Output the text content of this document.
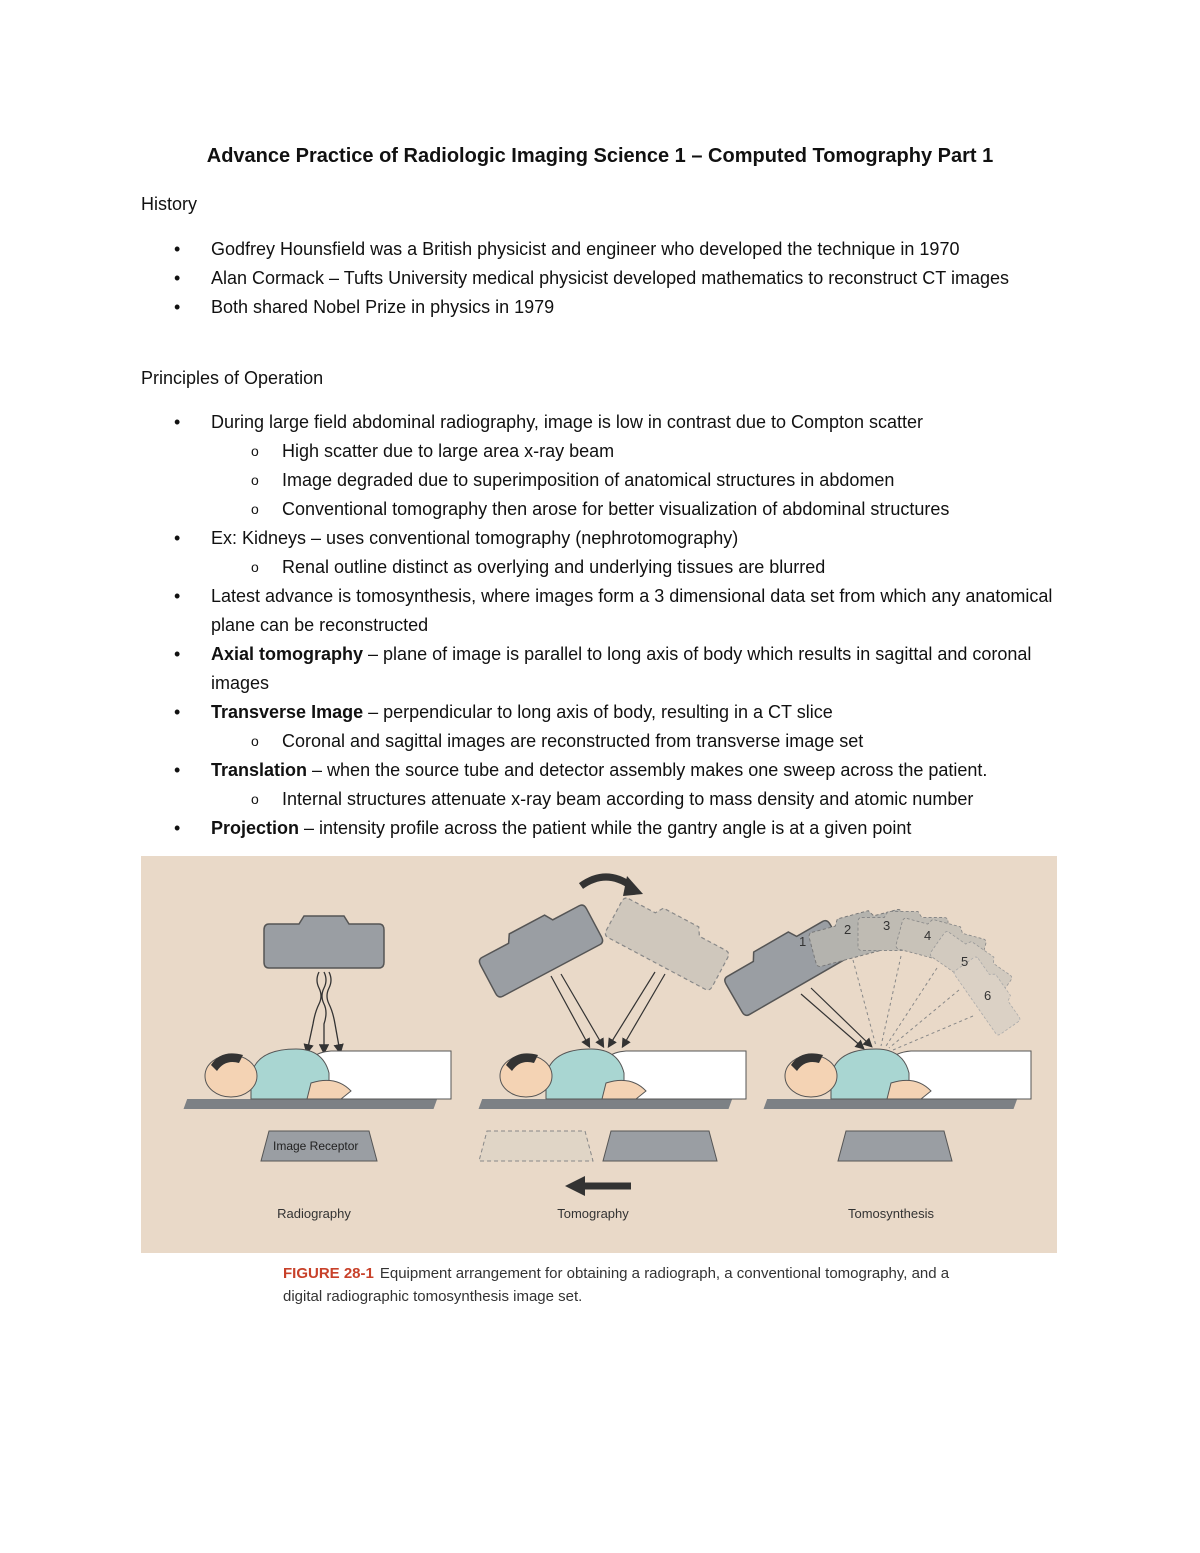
Advance Practice of Radiologic Imaging Science 1 – Computed Tomography Part 1
History
• Godfrey Hounsfield was a British physicist and engineer who developed the technique in 1970
• Alan Cormack – Tufts University medical physicist developed mathematics to reconstruct CT images
• Both shared Nobel Prize in physics in 1979
Principles of Operation
• During large field abdominal radiography, image is low in contrast due to Compton scatter
o High scatter due to large area x-ray beam
o Image degraded due to superimposition of anatomical structures in abdomen
o Conventional tomography then arose for better visualization of abdominal structures
• Ex: Kidneys – uses conventional tomography (nephrotomography)
o Renal outline distinct as overlying and underlying tissues are blurred
• Latest advance is tomosynthesis, where images form a 3 dimensional data set from which any anatomical plane can be reconstructed
• Axial tomography – plane of image is parallel to long axis of body which results in sagittal and coronal images
• Transverse Image – perpendicular to long axis of body, resulting in a CT slice
o Coronal and sagittal images are reconstructed from transverse image set
• Translation – when the source tube and detector assembly makes one sweep across the patient.
o Internal structures attenuate x-ray beam according to mass density and atomic number
• Projection – intensity profile across the patient while the gantry angle is at a given point
Image Receptor
Radiography	Tomography
1
2 3
4
5
6
Tomosynthesis
FIGURE 28-1 Equipment arrangement for obtaining a radiograph, a conventional tomography, and a digital radiographic tomosynthesis image set.
